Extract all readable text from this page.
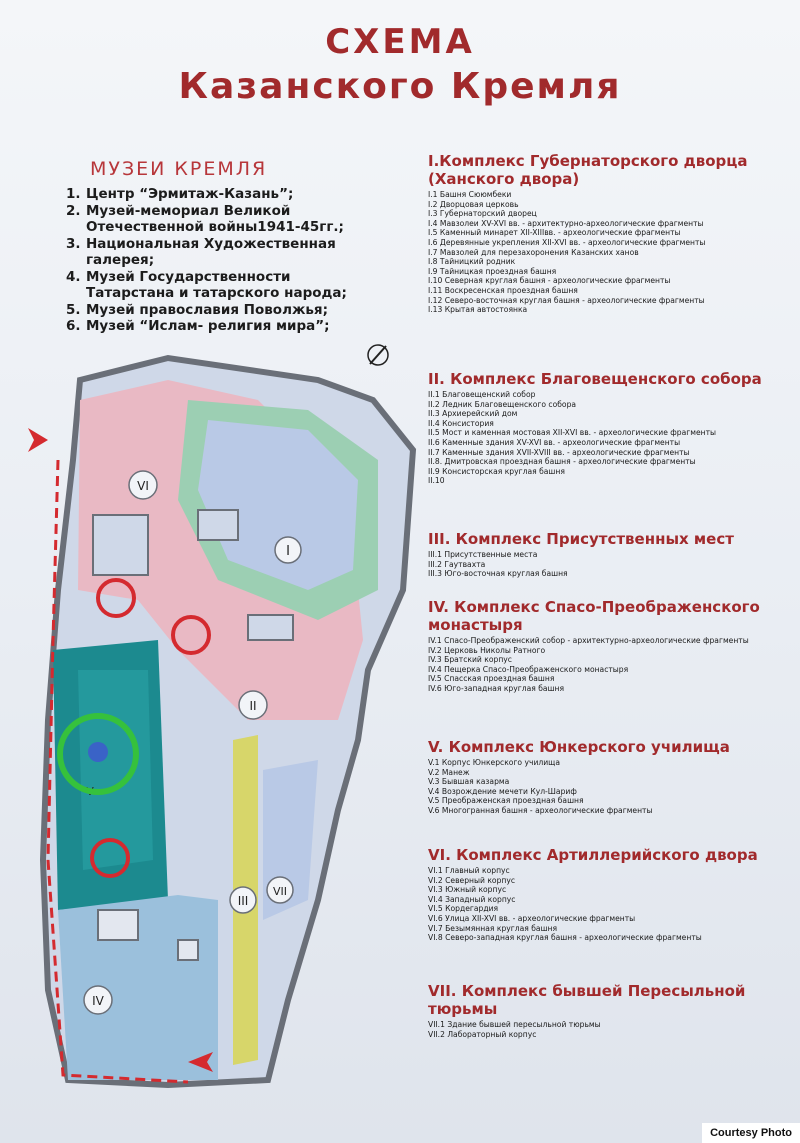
СХЕМА
Казанского Кремля
МУЗЕИ КРЕМЛЯ
1. Центр “Эрмитаж-Казань”;
2. Музей-мемориал Великой Отечественной войны1941-45гг.;
3. Национальная Художественная галерея;
4. Музей Государственности Татарстана и татарского народа;
5. Музей православия Поволжья;
6. Музей “Ислам- религия мира”;
I.Комплекс Губернаторского дворца (Ханского двора)
I.1 Башня Сююмбеки
I.2 Дворцовая церковь
I.3 Губернаторский дворец
I.4 Мавзолеи XV-XVI вв. - архитектурно-археологические фрагменты
I.5 Каменный минарет XII-XIIIвв. - археологические фрагменты
I.6 Деревянные укрепления XII-XVI вв. - археологические фрагменты
I.7 Мавзолей для перезахоронения Казанских ханов
I.8 Тайницкий родник
I.9 Тайницкая проездная башня
I.10 Северная круглая башня - археологические фрагменты
I.11 Воскресенская проездная башня
I.12 Северо-восточная круглая башня - археологические фрагменты
I.13 Крытая автостоянка
II. Комплекс Благовещенского собора
II.1 Благовещенский собор
II.2 Ледник Благовещенского собора
II.3 Архиерейский дом
II.4 Консистория
II.5 Мост и каменная мостовая XII-XVI вв. - археологические фрагменты
II.6 Каменные здания XV-XVI вв. - археологические фрагменты
II.7 Каменные здания XVII-XVIII вв. - археологические фрагменты
II.8. Дмитровская проездная башня - археологические фрагменты
II.9 Консисторская круглая башня
II.10
III. Комплекс Присутственных мест
III.1 Присутственные места
III.2 Гаутвахта
III.3 Юго-восточная круглая башня
IV. Комплекс Спасо-Преображенского монастыря
IV.1 Спасо-Преображенский собор - архитектурно-археологические фрагменты
IV.2 Церковь Николы Ратного
IV.3 Братский корпус
IV.4 Пещерка Спасо-Преображенского монастыря
IV.5 Спасская проездная башня
IV.6 Юго-западная круглая башня
V. Комплекс Юнкерского училища
V.1 Корпус Юнкерского училища
V.2 Манеж
V.3 Бывшая казарма
V.4 Возрождение мечети Кул-Шариф
V.5 Преображенская проездная башня
V.6 Многогранная башня - археологические фрагменты
VI. Комплекс Артиллерийского двора
VI.1 Главный корпус
VI.2 Северный корпус
VI.3 Южный корпус
VI.4 Западный корпус
VI.5 Кордегардия
VI.6 Улица XII-XVI вв. - археологические фрагменты
VI.7 Безымянная круглая башня
VI.8 Северо-западная круглая башня - археологические фрагменты
VII. Комплекс бывшей Пересыльной тюрьмы
VII.1 Здание бывшей пересыльной тюрьмы
VII.2 Лабораторный корпус
I
VI
II
III
IV
V
VII
Courtesy Photo
